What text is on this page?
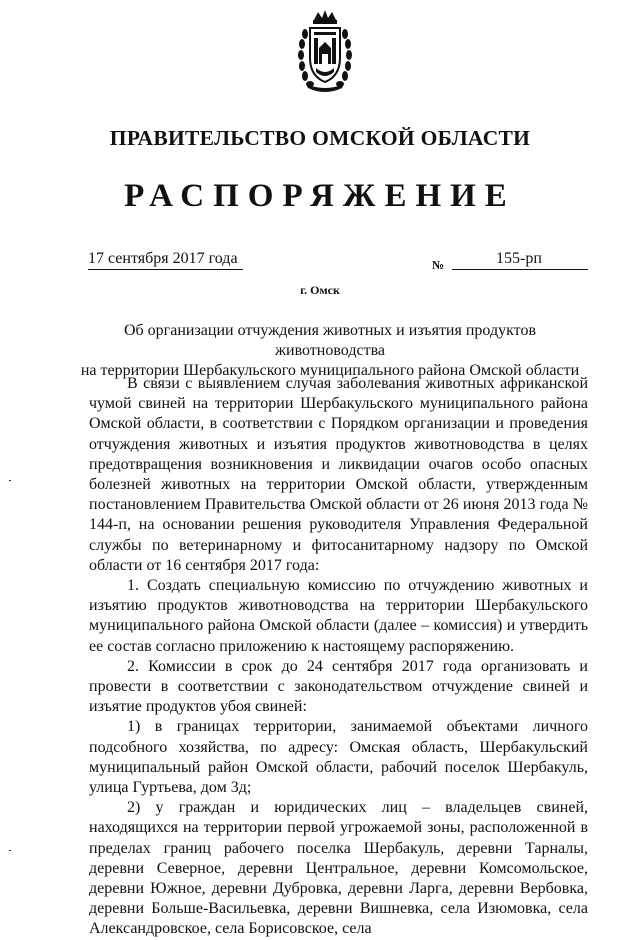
ПРАВИТЕЛЬСТВО ОМСКОЙ ОБЛАСТИ
РАСПОРЯЖЕНИЕ
17 сентября 2017 года	№	155-рп
г. Омск
Об организации отчуждения животных и изъятия продуктов животноводства
на территории Шербакульского муниципального района Омской области

В связи с выявлением случая заболевания животных африканской чумой свиней на территории Шербакульского муниципального района Омской области, в соответствии с Порядком организации и проведения отчуждения животных и изъятия продуктов животноводства в целях предотвращения возникновения и ликвидации очагов особо опасных болезней животных на территории Омской области, утвержденным постановлением Правительства Омской области от 26 июня 2013 года № 144-п, на основании решения руководителя Управления Федеральной службы по ветеринарному и фитосанитарному надзору по Омской области от 16 сентября 2017 года:

1. Создать специальную комиссию по отчуждению животных и изъятию продуктов животноводства на территории Шербакульского муниципального района Омской области (далее – комиссия) и утвердить ее состав согласно приложению к настоящему распоряжению.

2. Комиссии в срок до 24 сентября 2017 года организовать и провести в соответствии с законодательством отчуждение свиней и изъятие продуктов убоя свиней:

1) в границах территории, занимаемой объектами личного подсобного хозяйства, по адресу: Омская область, Шербакульский муниципальный район Омской области, рабочий поселок Шербакуль, улица Гуртьева, дом 3д;

2) у граждан и юридических лиц – владельцев свиней, находящихся на территории первой угрожаемой зоны, расположенной в пределах границ рабочего поселка Шербакуль, деревни Тарналы, деревни Северное, деревни Центральное, деревни Комсомольское, деревни Южное, деревни Дубровка, деревни Ларга, деревни Вербовка, деревни Больше-Васильевка, деревни Вишневка, села Изюмовка, села Александровское, села Борисовское, села
